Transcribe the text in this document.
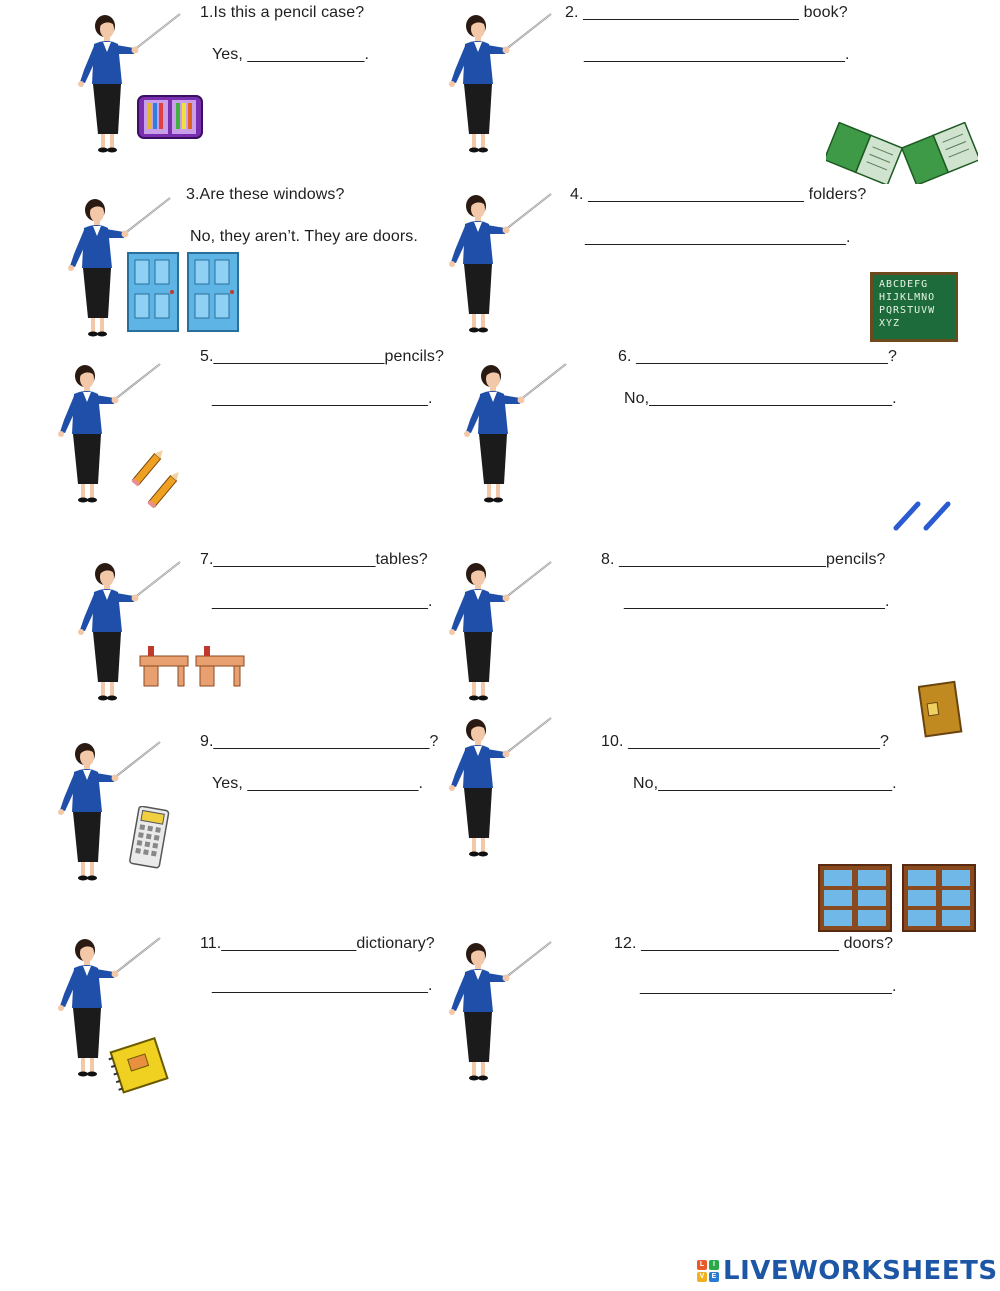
1.Is this a pencil case?
Yes, _____________.
2. ________________________ book?
_____________________________.
3.Are these windows?
No, they aren’t. They are doors.
4. ________________________ folders?
_____________________________.
ABCDEFG
HIJKLMNO
PQRSTUVW
XYZ
5.___________________pencils?
________________________.
6. ____________________________?
No,___________________________.
7.__________________tables?
________________________.
8. _______________________pencils?
_____________________________.
9.________________________?
Yes, ___________________.
10. ____________________________?
No,__________________________.
11._______________dictionary?
________________________.
12. ______________________ doors?
____________________________.
L	I
V	E LIVEWORKSHEETS
